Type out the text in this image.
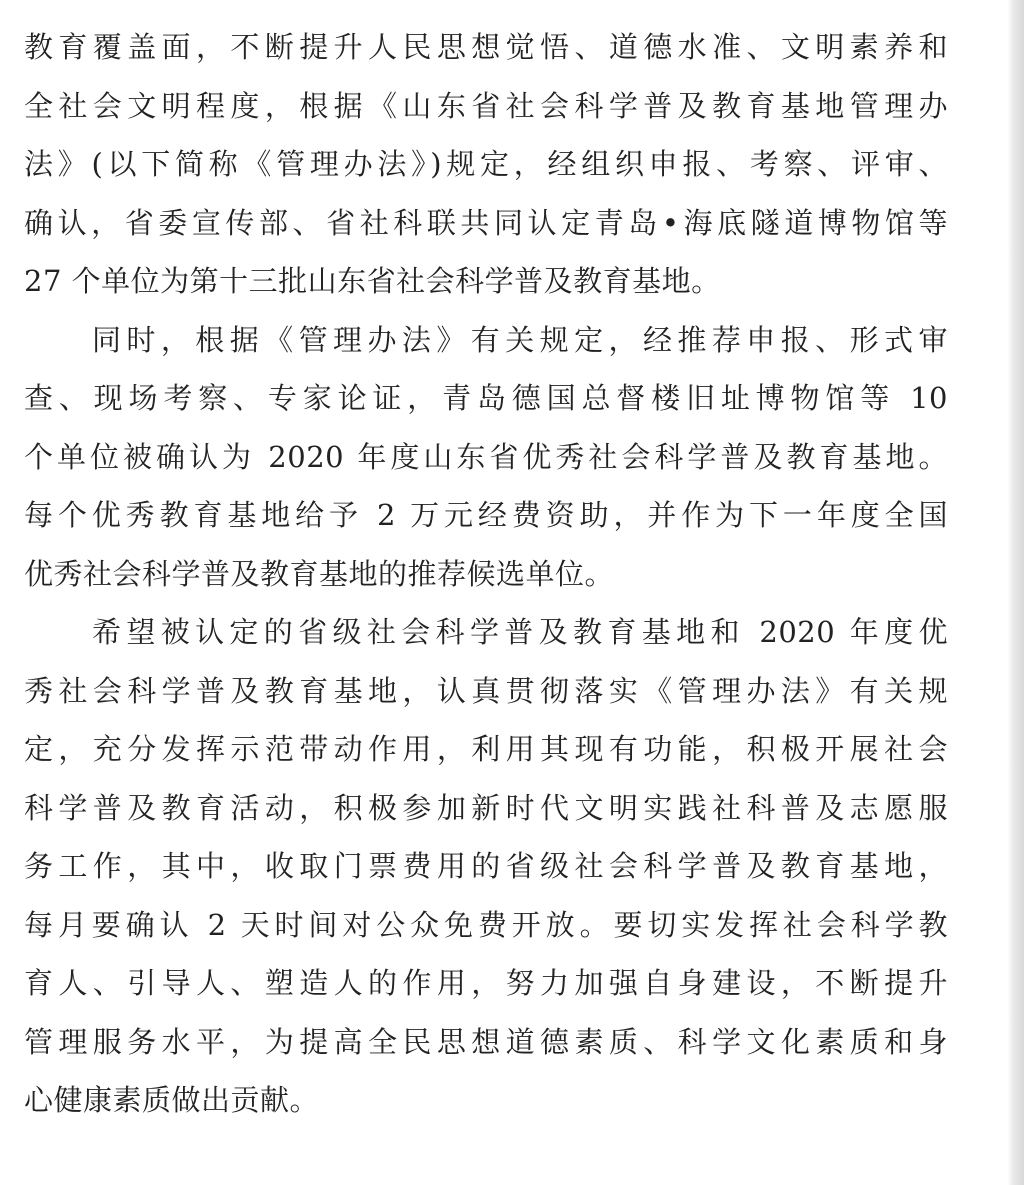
教育覆盖面，不断提升人民思想觉悟、道德水准、文明素养和
全社会文明程度，根据《山东省社会科学普及教育基地管理办
法》(以下简称《管理办法》)规定，经组织申报、考察、评审、
确认，省委宣传部、省社科联共同认定青岛•海底隧道博物馆等
27 个单位为第十三批山东省社会科学普及教育基地。
同时，根据《管理办法》有关规定，经推荐申报、形式审
查、现场考察、专家论证，青岛德国总督楼旧址博物馆等 10
个单位被确认为 2020 年度山东省优秀社会科学普及教育基地。
每个优秀教育基地给予 2 万元经费资助，并作为下一年度全国
优秀社会科学普及教育基地的推荐候选单位。
希望被认定的省级社会科学普及教育基地和 2020 年度优
秀社会科学普及教育基地，认真贯彻落实《管理办法》有关规
定，充分发挥示范带动作用，利用其现有功能，积极开展社会
科学普及教育活动，积极参加新时代文明实践社科普及志愿服
务工作，其中，收取门票费用的省级社会科学普及教育基地，
每月要确认 2 天时间对公众免费开放。要切实发挥社会科学教
育人、引导人、塑造人的作用，努力加强自身建设，不断提升
管理服务水平，为提高全民思想道德素质、科学文化素质和身
心健康素质做出贡献。
